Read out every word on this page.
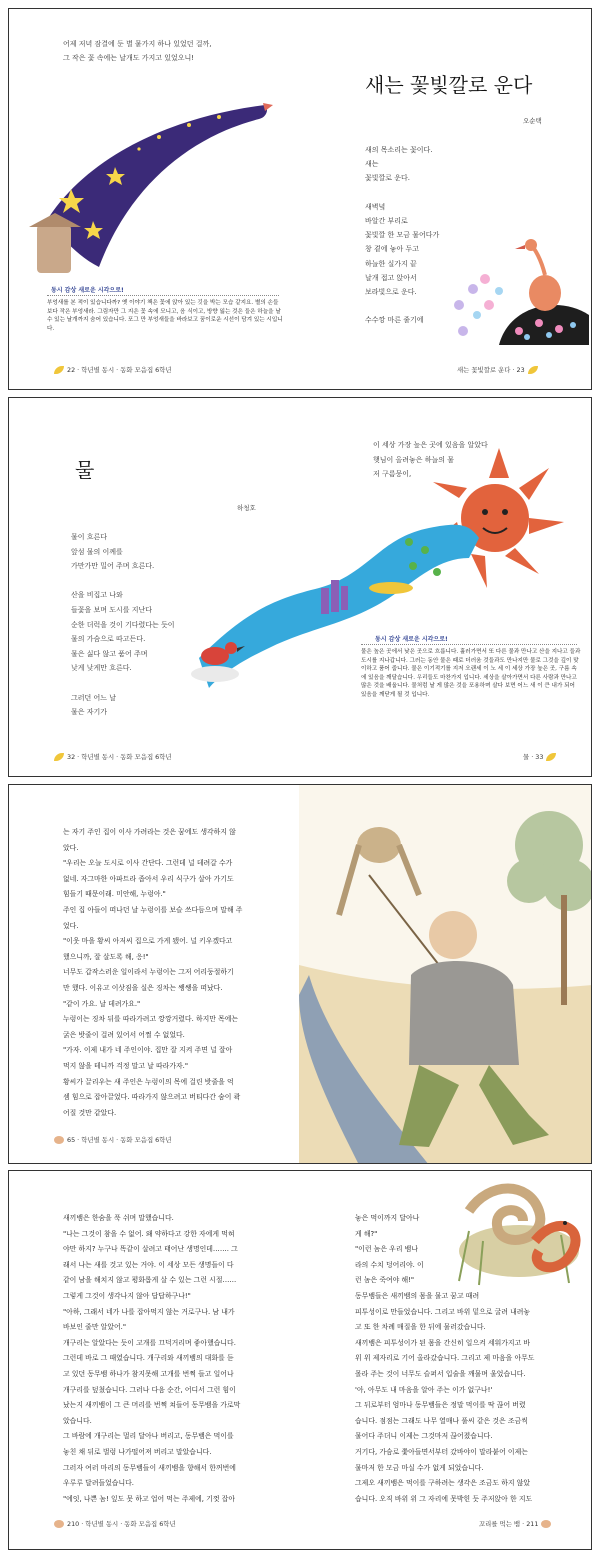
어제 저녁 잠결에 둔 별 뭍가지 하나 있었던 걸까,
그 작은 꽃 속에는 날개도 가지고 있었오니!
동시 감상 새로운 시각으로!
부엉새를 본 적이 있습니다까? 옛 이야기 책은 꽃에 앉아 있는 깃을 박는 모습 같지요. 별의 손들보다 작은 부엉새라. 그림자만 그 지은 꽃 속에 모니고, 음 식이고, 방향 잃는 것은 들은 하늘을 날 수 있는 날개까지 숨어 있습니다. 포그 만 부엉새들을 바라보고 꿈이로운 시선이 담겨 있는 시입니다.
22 · 학년별 동시 · 동화 모음집 6학년
새는 꽃빛깔로 운다
오순택
새의 목소리는 꽃이다.
새는
꽃빛깔로 운다.

새벽녘
바알간 부리로
꽃빛깔 한 모금 물어다가
창 곁에 놓아 두고
하늘한 실가지 끝
날개 접고 앉아서
보라빛으로 운다.

수수깡 마른 줄기에
새는 꽃빛깔로 운다 · 23
물
하청호
물이 흐른다
앞섬 물의 이께를
가만가만 밀어 주며 흐른다.

산을 비집고 나와
들꽃을 보며 도시를 지난다
순한 더럭을 것이 기다렸다는 듯이
물의 가슴으로 따고든다.
물은 싫다 않고 품어 주며
낮게 낮게만 흐른다.

그러던 어느 날
물은 자기가
이 세상 가장 높은 곳에 있음을 알았다
햇님이 올려놓은 하늘의 물
저 구름뭉이,
동시 감상 새로운 시각으로!
물은 높은 곳에서 낮은 곳으로 흐릅니다. 흘러가면서 또 다른 물과 만나고 산을 지나고 들과 도시를 지나갑니다. 그러는 동안 물은 때로 더러움 것들과도 만나지만 물로 그것을 깊이 맞이하고 품어 줍니다. 물은 이기적기를 지저 오랜세 이 노 세 이 세상 가장 높은 곳, 구름 속에 있음을 깨달습니다. 우리들도 마찬가지 입니다. 세상을 살아가면서 다른 사람과 만나고 많은 것을 배웁니다. 물처럼 날 게 많은 것을 포용하며 살다 보면 어느 새 이 큰 내가 되어 있음을 깨닫게 될 것 입니다.
32 · 학년별 동시 · 동화 모음집 6학년	물 · 33
는 자기 주인 집이 이사 가려라는 것은 꿈에도 생각하지 않
았다.
"우리는 오늘 도시로 이사 간단다. 그런데 널 데려갈 수가
없네. 자그마한 아파트라 좁아서 우리 식구가 살아 가기도
힘들기 때문이래. 미안해, 누렁아."
주인 집 아들이 떠나던 날 누렁이를 보슬 쓰다듬으며 말해 주
었다.
"이웃 마을 황씨 아저씨 집으로 가게 됐어. 널 키우겠다고
했으니까, 잘 살도록 해, 응!"
너무도 갑작스러운 일이라서 누렁이는 그저 어리둥절하기
만 했다. 이유고 이삿짐을 실은 징차는 쌩쌩을 떠났다.
"같이 가요. 날 데려가요."
누렁이는 징차 뒤를 따라가려고 깡깡거렸다. 하지만 목에는
굵은 밧줄이 걸려 있어서 어쩔 수 없었다.
"가자. 이제 내가 네 주인이야. 집만 잘 지켜 주면 널 잘아
먹지 않을 테니까 걱정 말고 날 따라가자."
황씨가 끌리우는 새 주인은 누렁이의 목에 걸린 밧줄을 억
셈 힘으로 잡아끌었다. 따라가지 않으려고 버티다간 숨이 콱
어질 것만 같았다.
65 · 학년별 동시 · 동화 모음집 6학년
새끼뱀은 한숨을 푹 쉬며 말했습니다.
"나는 그것이 참을 수 없어. 왜 약하다고 강한 자에게 먹혀
야만 하지? 누구나 똑같이 살려고 태어난 생명인데……. 그
래서 나는 새를 것고 있는 거야. 이 세상 모든 생명들이 다
같이 남을 해치지 않고 평화롭게 살 수 있는 그런 시절……
그렇게 그것이 생각나지 않아 답답하구나!"
"아하, 그래서 네가 나를 잡아먹지 않는 거로구나. 남 내가
바보인 줄만 알았어."
개구리는 알았다는 듯이 고개를 끄덕거리며 좋아했습니다.
그런데 바로 그 때였습니다. 개구리와 새끼뱀의 대화를 듣
고 있던 동무뱀 하나가 참지못해 고개를 번쩍 들고 일어나
개구리를 덮쳤습니다. 그러나 다음 순간, 어디서 그런 힘이
났는지 새끼뱀이 그 큰 머리를 번쩍 쳐들어 동무뱀을 가로막
았습니다.
그 바람에 개구리는 멀리 달아나 버리고, 동무뱀은 먹이를
놓친 채 뒤로 벌렁 나가떨어져 버리고 말았습니다.
그러자 여러 마리의 동무뱀들이 새끼뱀을 향해서 한꺼번에
우루루 달려들었습니다.
"에잇, 나쁜 놈! 잎도 못 하고 업어 먹는 주제에, 기껏 잡아
놓은 먹이까지 달아나
게 해?"
"이런 놈은 우리 뱀나
라의 수치 덩어리야. 이
런 놈은 죽여야 해!"
동무뱀들은 새끼뱀의 몸을 물고 꿈고 때려
피투성이로 만들었습니다. 그리고 바위 밑으로 굴려 내려놓
고 또 한 차례 매질을 한 뒤에 물러갔습니다.
새끼뱀은 피투성이가 된 몸을 간신히 일으켜 세워가지고 바
위 위 제자리로 기어 올라갔습니다. 그리고 제 마음을 아무도
몰라 주는 것이 너무도 슬퍼서 입술을 깨물며 울었습니다.
'아, 아무도 내 마음을 알아 주는 이가 없구나!'
그 뒤로부터 엄마나 동무뱀들은 정말 먹이를 딱 끊어 버렸
습니다. 점점는 그래도 나무 열매나 풀씨 같은 것은 조금씩
물어다 주더니 이제는 그것마저 끊어졌습니다.
거기다, 가슴로 쫓아들면서부터 갔바야이 말라붙어 이제는
물마저 한 모금 마실 수가 없게 되었습니다.
그제오 새끼뱀은 먹이를 구하려는 생각은 조금도 하지 않았
습니다. 오직 바위 위 그 자리에 못박힌 듯 주저앉아 한 지도
210 · 학년별 동시 · 동화 모음집 6학년	꼬리를 먹는 뱀 · 211
